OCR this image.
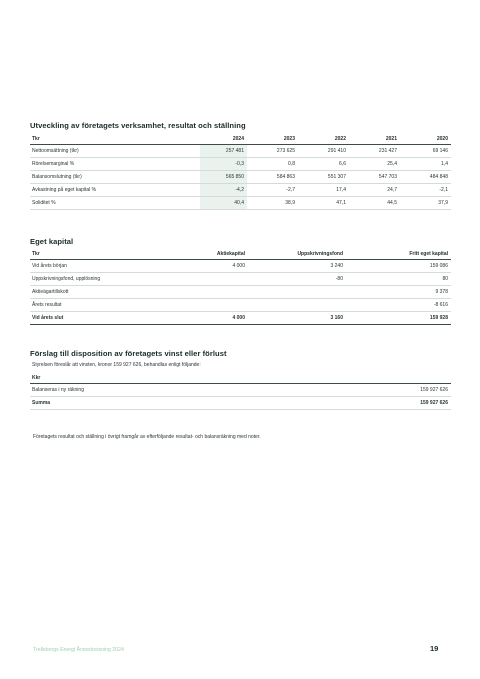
Utveckling av företagets verksamhet, resultat och ställning
Tkr	2024	2023	2022	2021	2020
Nettoomsättning (tkr)	257 481	273 625	291 410	231 427	69 146
Rörelsemarginal %	-0,3	0,8	6,6	25,4	1,4
Balansomslutning (tkr)	565 850	584 863	551 307	547 703	484 848
Avkastning på eget kapital %	-4,2	-2,7	17,4	24,7	-2,1
Soliditet %	40,4	38,9	47,1	44,5	37,9
Eget kapital
Tkr	Aktiekapital	Uppskrivningsfond	Fritt eget kapital
Vid årets början	4 000	3 240	159 086
Uppskrivningsfond, upplösning		-80	80
Aktieägartillskott			9 378
Årets resultat			-8 616
Vid årets slut	4 000	3 160	159 928
Förslag till disposition av företagets vinst eller förlust

Styrelsen föreslår att vinsten, kronor 159 927 626, behandlas enligt följande:

Kkr	
Balanseras i ny räkning	159 927 626
Summa	159 927 626

Företagets resultat och ställning i övrigt framgår av efterföljande resultat- och balansräkning med noter.

Trelleborgs Energi Årsredovisning 2024	19
